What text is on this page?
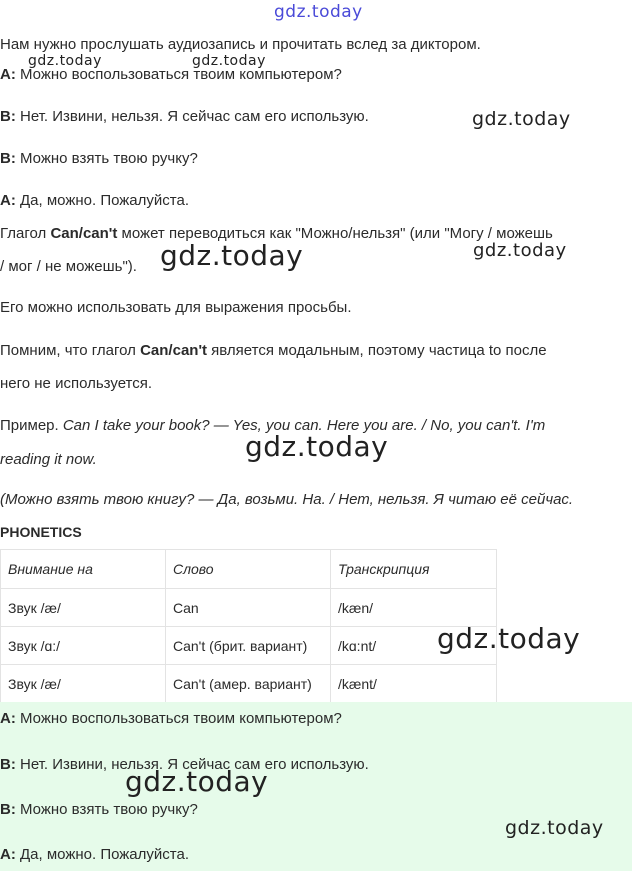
gdz.today
Нам нужно прослушать аудиозапись и прочитать вслед за диктором.
A: Можно воспользоваться твоим компьютером?
B: Нет. Извини, нельзя. Я сейчас сам его использую.
B: Можно взять твою ручку?
A: Да, можно. Пожалуйста.
Глагол Can/can't может переводиться как "Можно/нельзя" (или "Могу / можешь
/ мог / не можешь").
Его можно использовать для выражения просьбы.
Помним, что глагол Can/can't является модальным, поэтому частица to после
него не используется.
Пример. Can I take your book? — Yes, you can. Here you are. / No, you can't. I'm
reading it now.
(Можно взять твою книгу? — Да, возьми. На. / Нет, нельзя. Я читаю её сейчас.
PHONETICS
Внимание на	Слово	Транскрипция
Звук /æ/	Can	/kæn/
Звук /ɑ:/	Can't (брит. вариант)	/kɑ:nt/
Звук /æ/	Can't (амер. вариант)	/kænt/
A: Можно воспользоваться твоим компьютером?
B: Нет. Извини, нельзя. Я сейчас сам его использую.
B: Можно взять твою ручку?
A: Да, можно. Пожалуйста.
gdz.today	gdz.today
gdz.today
gdz.today
gdz.today
gdz.today
gdz.today
gdz.today
gdz.today
